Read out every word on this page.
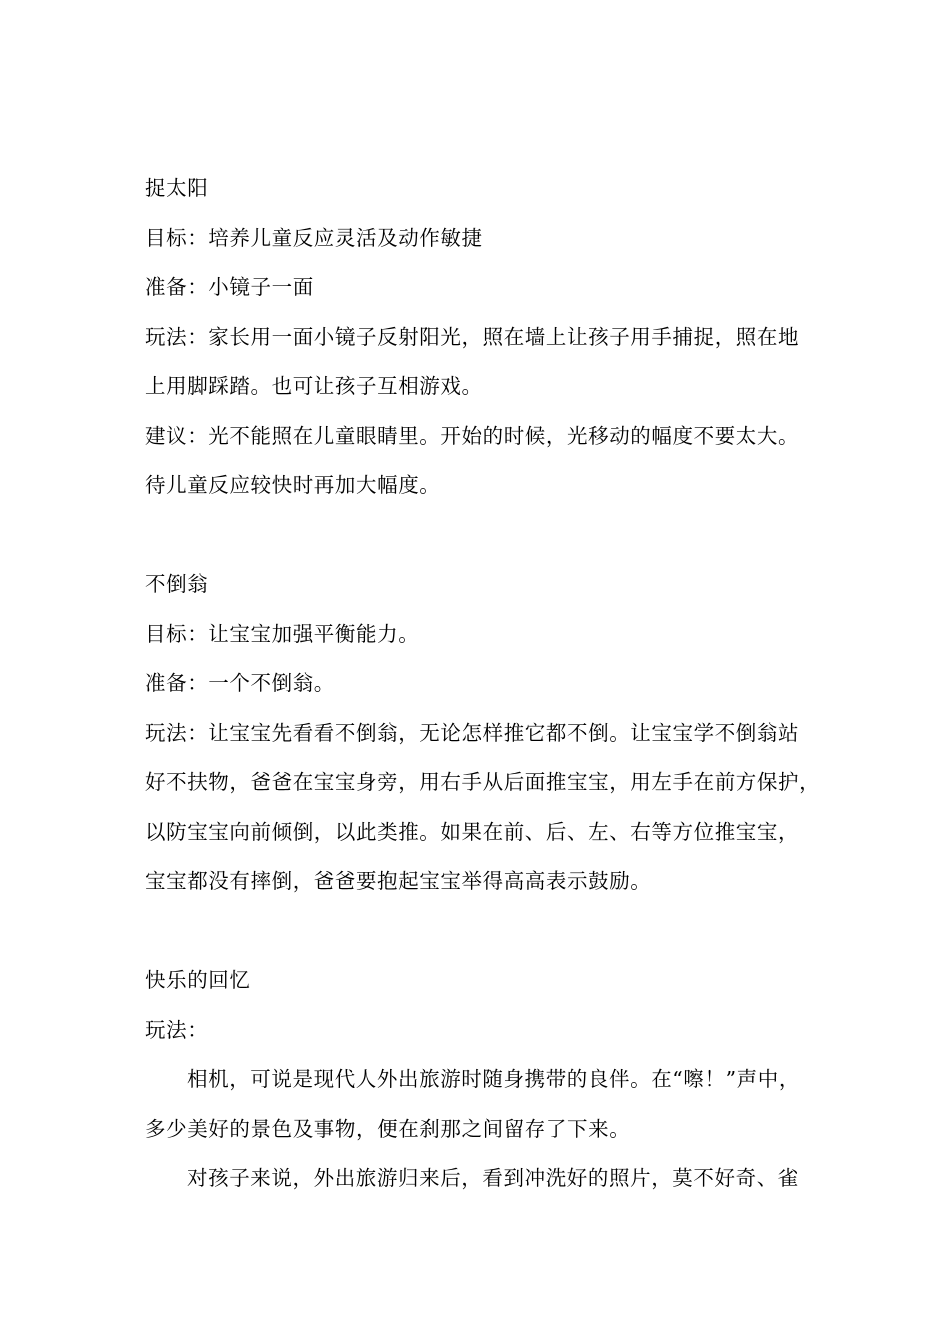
捉太阳
目标：培养儿童反应灵活及动作敏捷
准备：小镜子一面
玩法：家长用一面小镜子反射阳光，照在墙上让孩子用手捕捉，照在地
上用脚踩踏。也可让孩子互相游戏。
建议：光不能照在儿童眼睛里。开始的时候，光移动的幅度不要太大。
待儿童反应较快时再加大幅度。
不倒翁
目标：让宝宝加强平衡能力。
准备：一个不倒翁。
玩法：让宝宝先看看不倒翁，无论怎样推它都不倒。让宝宝学不倒翁站
好不扶物，爸爸在宝宝身旁，用右手从后面推宝宝，用左手在前方保护，
以防宝宝向前倾倒，以此类推。如果在前、后、左、右等方位推宝宝，
宝宝都没有摔倒，爸爸要抱起宝宝举得高高表示鼓励。
快乐的回忆
玩法：
相机，可说是现代人外出旅游时随身携带的良伴。在“嚓！”声中，
多少美好的景色及事物，便在刹那之间留存了下来。
对孩子来说，外出旅游归来后，看到冲洗好的照片，莫不好奇、雀
